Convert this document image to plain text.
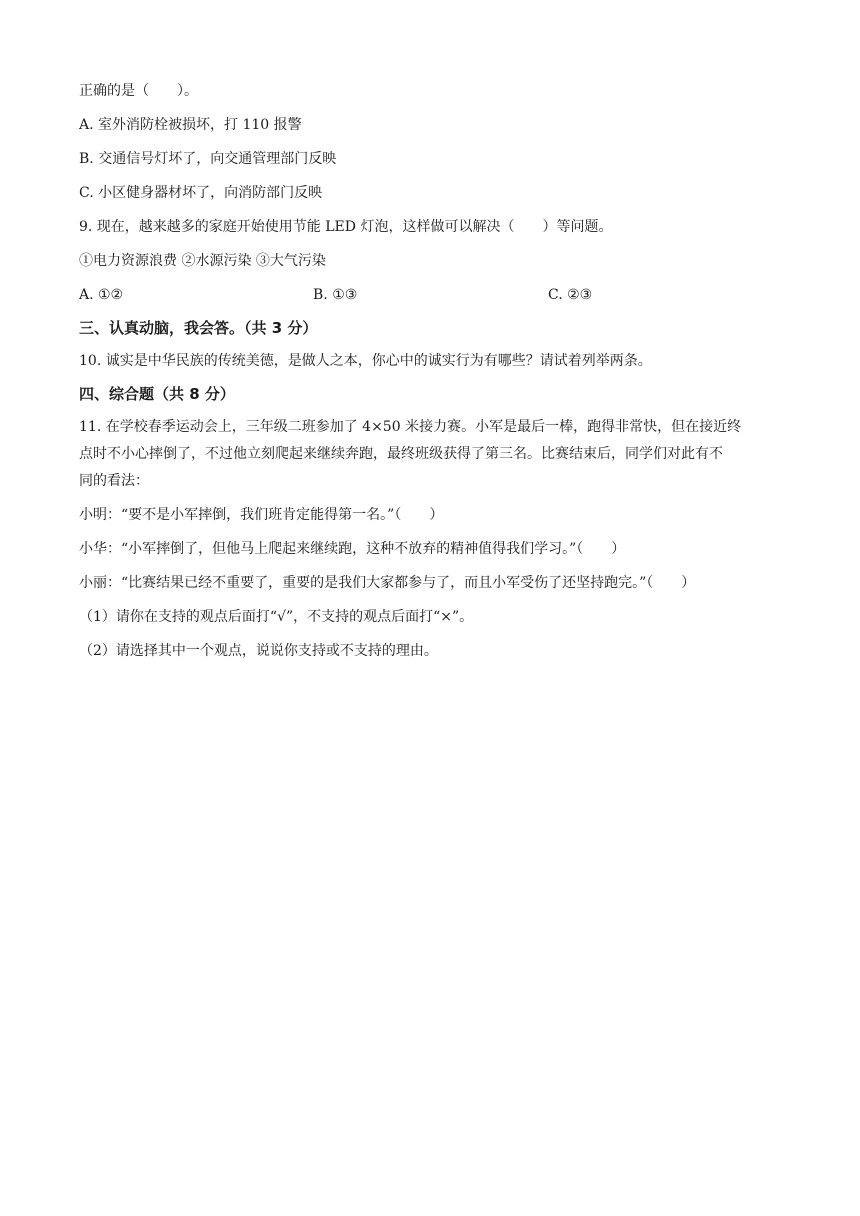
正确的是（　　）。
A. 室外消防栓被损坏，打 110 报警
B. 交通信号灯坏了，向交通管理部门反映
C. 小区健身器材坏了，向消防部门反映
9. 现在，越来越多的家庭开始使用节能 LED 灯泡，这样做可以解决（　　）等问题。
①电力资源浪费 ②水源污染 ③大气污染
A. ①②	B. ①③	C. ②③
三、认真动脑，我会答。（共 3 分）
10. 诚实是中华民族的传统美德，是做人之本，你心中的诚实行为有哪些？请试着列举两条。
四、综合题（共 8 分）
11. 在学校春季运动会上，三年级二班参加了 4×50 米接力赛。小军是最后一棒，跑得非常快，但在接近终
点时不小心摔倒了，不过他立刻爬起来继续奔跑，最终班级获得了第三名。比赛结束后，同学们对此有不
同的看法：
小明：“要不是小军摔倒，我们班肯定能得第一名。”（　　）
小华：“小军摔倒了，但他马上爬起来继续跑，这种不放弃的精神值得我们学习。”（　　）
小丽：“比赛结果已经不重要了，重要的是我们大家都参与了，而且小军受伤了还坚持跑完。”（　　）
（1）请你在支持的观点后面打“√”，不支持的观点后面打“×”。
（2）请选择其中一个观点，说说你支持或不支持的理由。
